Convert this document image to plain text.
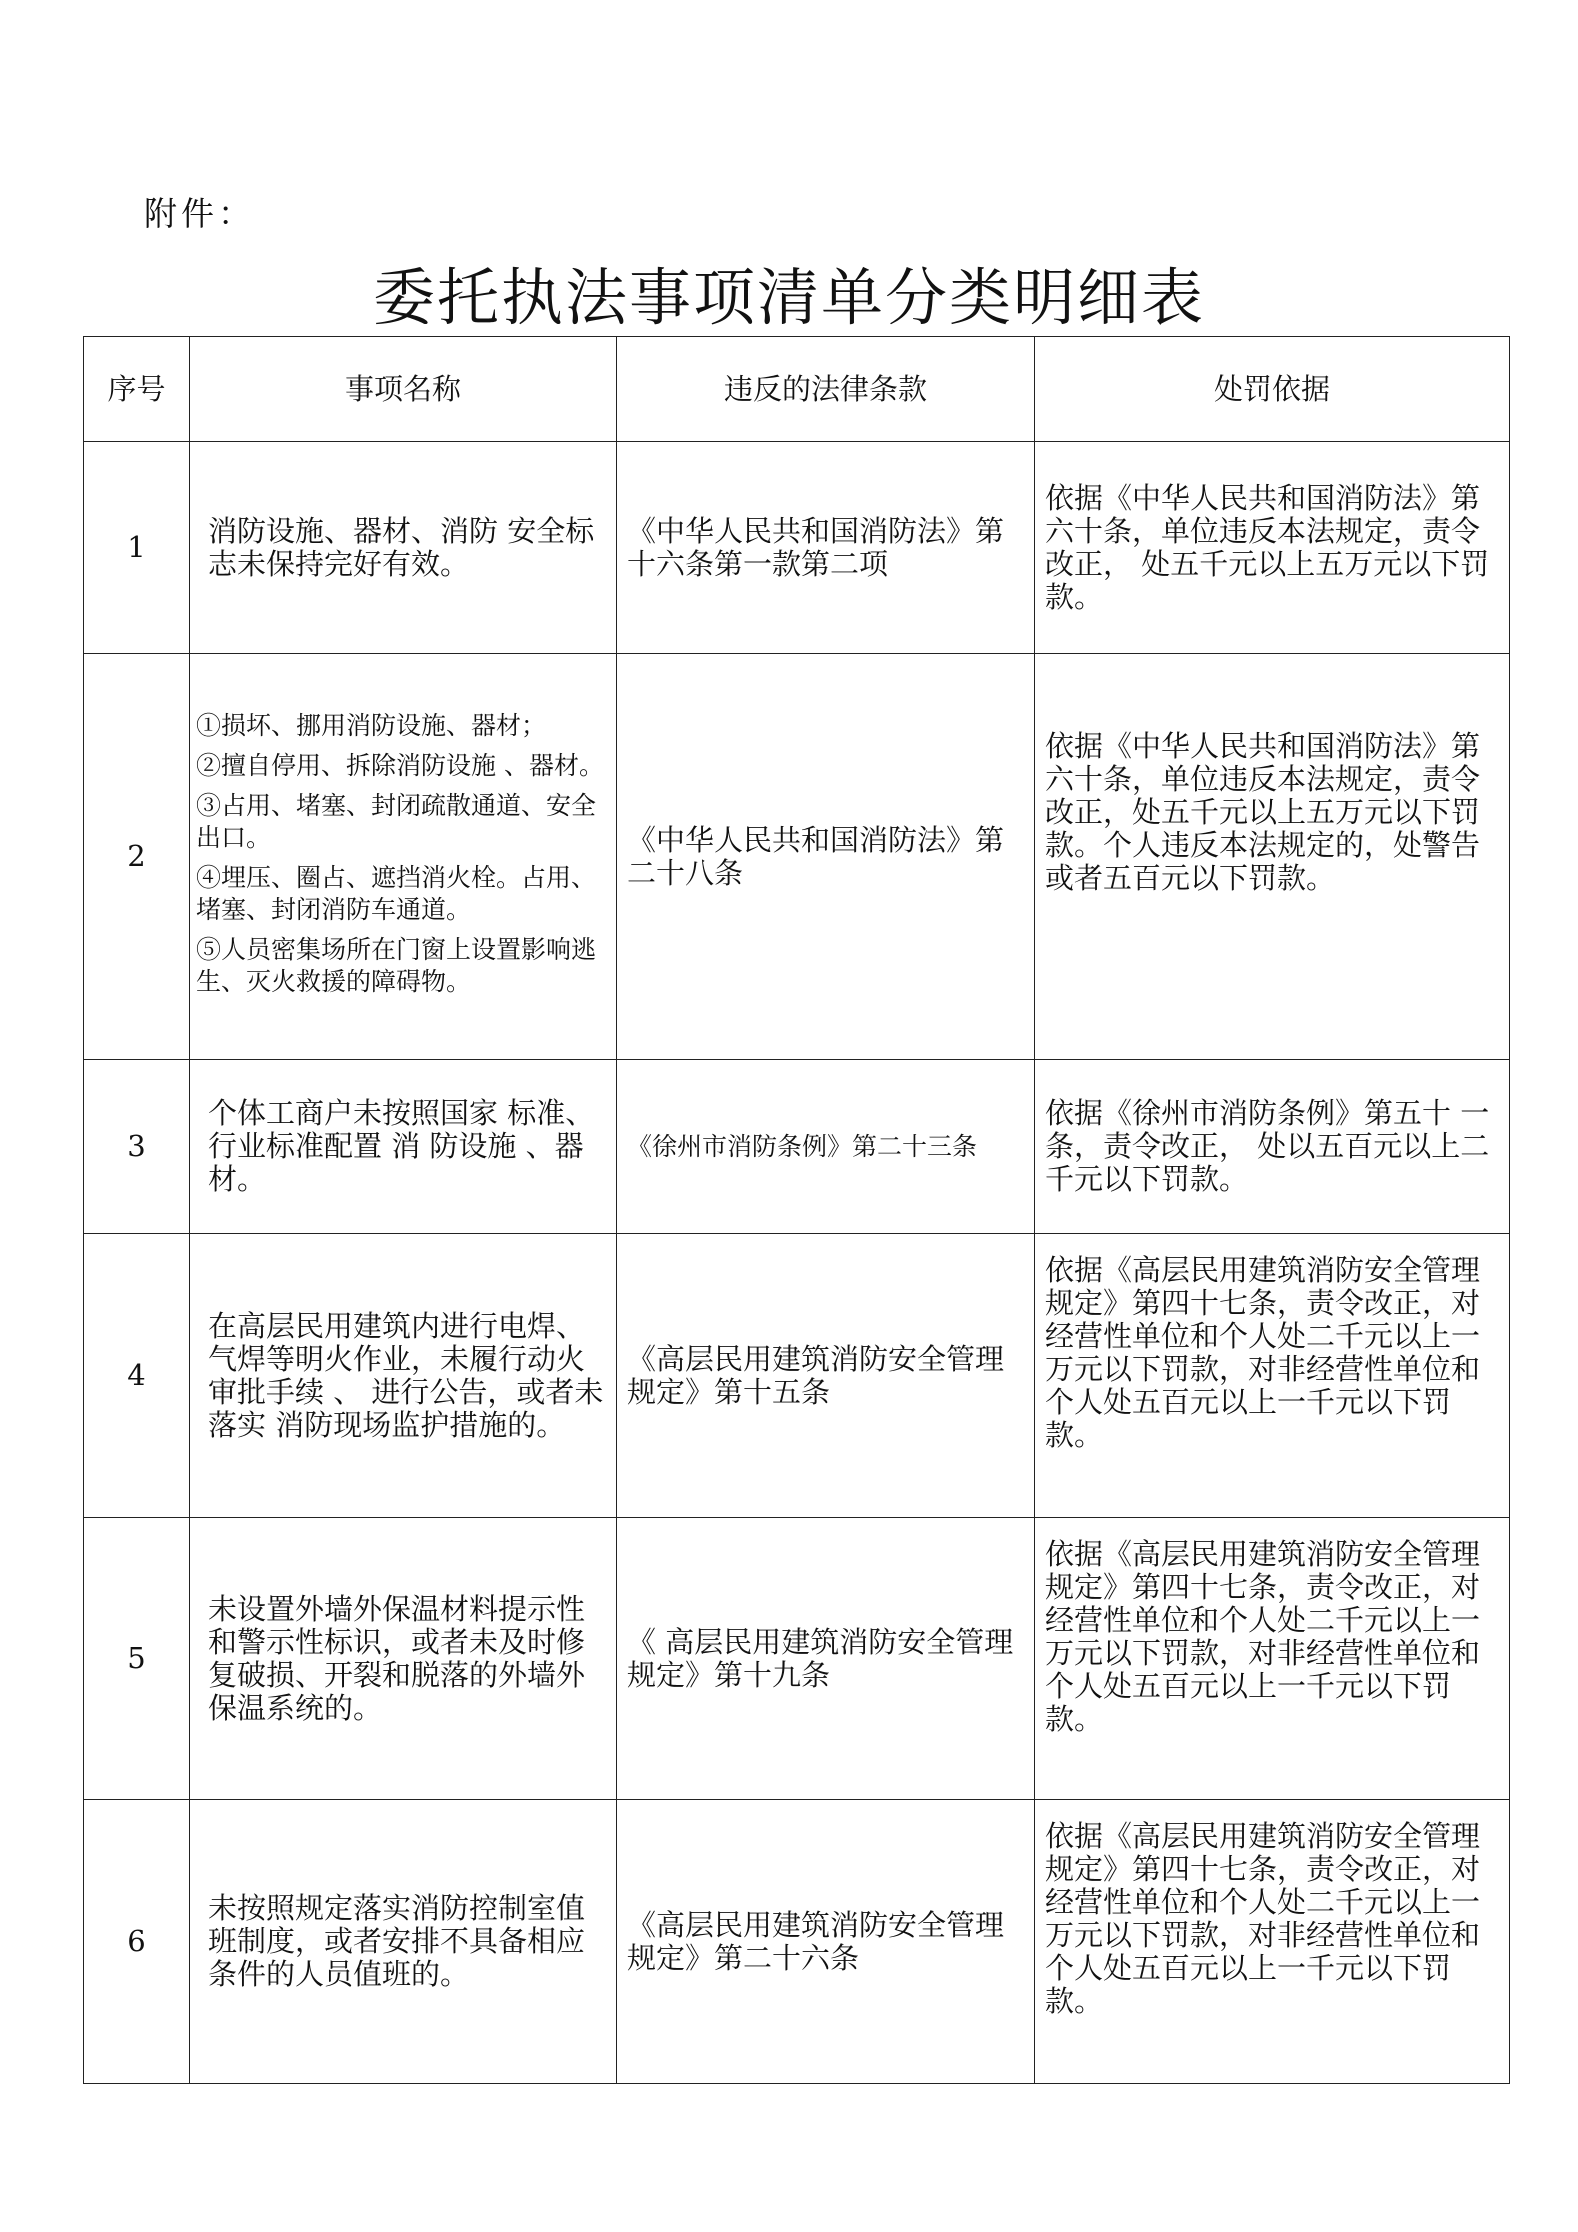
附件：
委托执法事项清单分类明细表
序号	事项名称	违反的法律条款	处罚依据
1	消防设施、器材、消防 安全标志未保持完好有效。	《中华人民共和国消防法》第十六条第一款第二项	依据《中华人民共和国消防法》第六十条，单位违反本法规定，责令改正， 处五千元以上五万元以下罚款。
2	①损坏、挪用消防设施、器材；
②擅自停用、拆除消防设施 、器材。
③占用、堵塞、封闭疏散通道、安全出口。
④埋压、圈占、遮挡消火栓。占用、堵塞、封闭消防车通道。
⑤人员密集场所在门窗上设置影响逃生、灭火救援的障碍物。	《中华人民共和国消防法》第二十八条	依据《中华人民共和国消防法》第六十条，单位违反本法规定，责令改正，处五千元以上五万元以下罚款。个人违反本法规定的，处警告或者五百元以下罚款。
3	个体工商户未按照国家 标准、行业标准配置 消 防设施 、器材。	《徐州市消防条例》第二十三条	依据《徐州市消防条例》第五十 一条，责令改正， 处以五百元以上二千元以下罚款。
4	在高层民用建筑内进行电焊、气焊等明火作业，未履行动火审批手续 、 进行公告，或者未落实 消防现场监护措施的。	《高层民用建筑消防安全管理规定》第十五条	依据《高层民用建筑消防安全管理 规定》第四十七条，责令改正，对 经营性单位和个人处二千元以上一万元以下罚款，对非经营性单位和个人处五百元以上一千元以下罚款。
5	未设置外墙外保温材料提示性和警示性标识，或者未及时修复破损、开裂和脱落的外墙外保温系统的。	《 高层民用建筑消防安全管理规定》第十九条	依据《高层民用建筑消防安全管理 规定》第四十七条，责令改正，对 经营性单位和个人处二千元以上一万元以下罚款，对非经营性单位和个人处五百元以上一千元以下罚款。
6	未按照规定落实消防控制室值班制度，或者安排不具备相应条件的人员值班的。	《高层民用建筑消防安全管理规定》第二十六条	依据《高层民用建筑消防安全管理 规定》第四十七条，责令改正，对 经营性单位和个人处二千元以上一万元以下罚款，对非经营性单位和个人处五百元以上一千元以下罚款。
